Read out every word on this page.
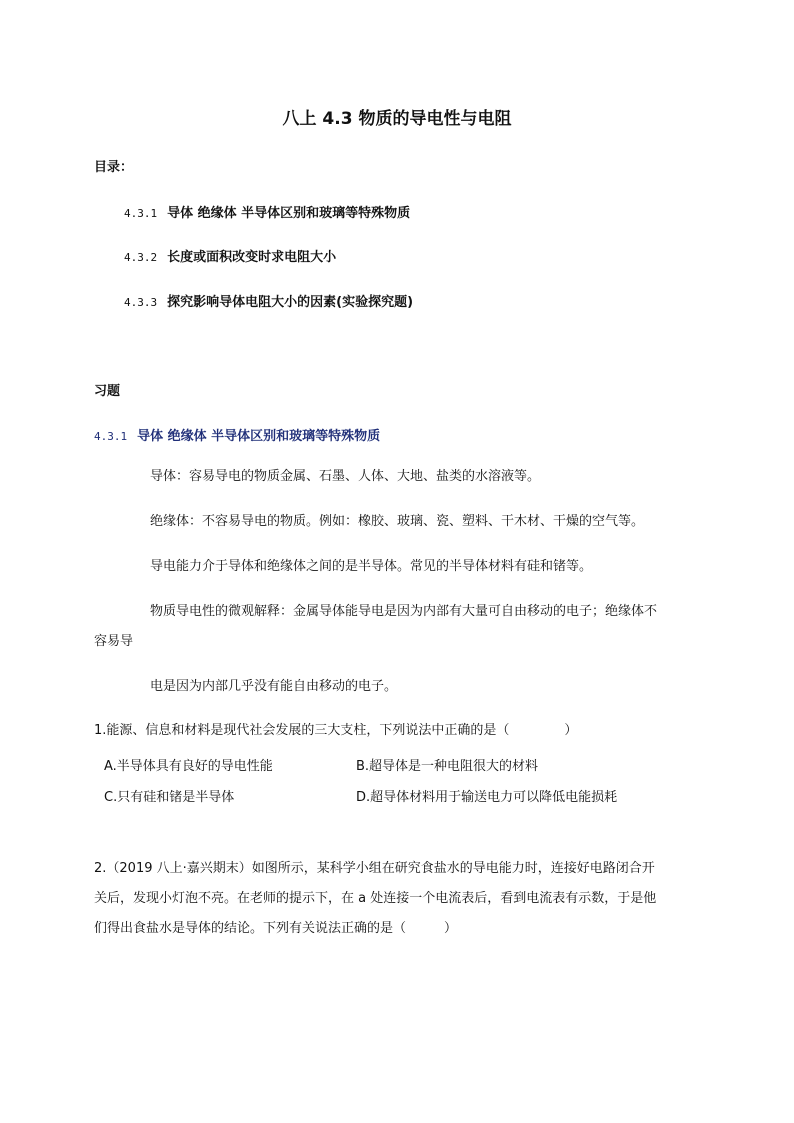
八上 4.3 物质的导电性与电阻
目录：
4.3.1 导体 绝缘体 半导体区别和玻璃等特殊物质
4.3.2 长度或面积改变时求电阻大小
4.3.3 探究影响导体电阻大小的因素(实验探究题)
习题
4.3.1 导体 绝缘体 半导体区别和玻璃等特殊物质
导体：容易导电的物质金属、石墨、人体、大地、盐类的水溶液等。
绝缘体：不容易导电的物质。例如：橡胶、玻璃、瓷、塑料、干木材、干燥的空气等。
导电能力介于导体和绝缘体之间的是半导体。常见的半导体材料有硅和锗等。
物质导电性的微观解释：金属导体能导电是因为内部有大量可自由移动的电子；绝缘体不
容易导
电是因为内部几乎没有能自由移动的电子。
1.能源、信息和材料是现代社会发展的三大支柱，下列说法中正确的是（	）
A.半导体具有良好的导电性能	B.超导体是一种电阻很大的材料
C.只有硅和锗是半导体	D.超导体材料用于输送电力可以降低电能损耗
2.（2019 八上·嘉兴期末）如图所示，某科学小组在研究食盐水的导电能力时，连接好电路闭合开
关后，发现小灯泡不亮。在老师的提示下，在 a 处连接一个电流表后，看到电流表有示数，于是他
们得出食盐水是导体的结论。下列有关说法正确的是（	）
